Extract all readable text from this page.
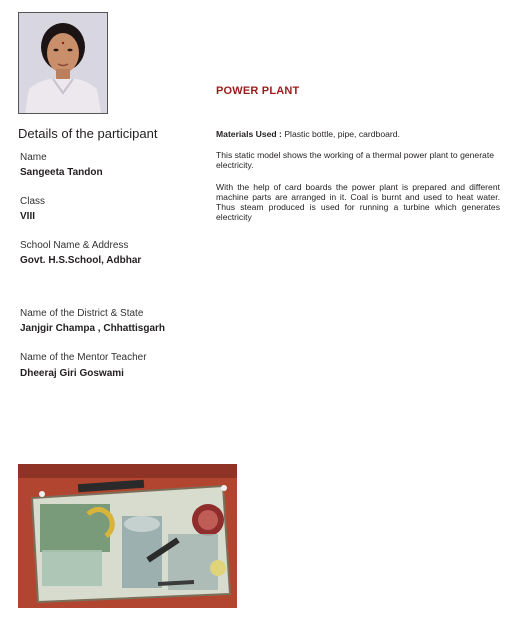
Details of the participant
Name
Sangeeta Tandon
Class
VIII
School Name & Address
Govt. H.S.School, Adbhar
Name of the District & State
Janjgir Champa , Chhattisgarh
Name of the Mentor Teacher
Dheeraj Giri Goswami
POWER PLANT
Materials Used : Plastic bottle, pipe, cardboard.
This static model shows the working of a thermal power plant to generate electricity.
With the help of card boards the power plant is prepared and different machine parts are arranged in it. Coal is burnt and used to heat water. Thus steam produced is used for running a turbine which generates electricity
